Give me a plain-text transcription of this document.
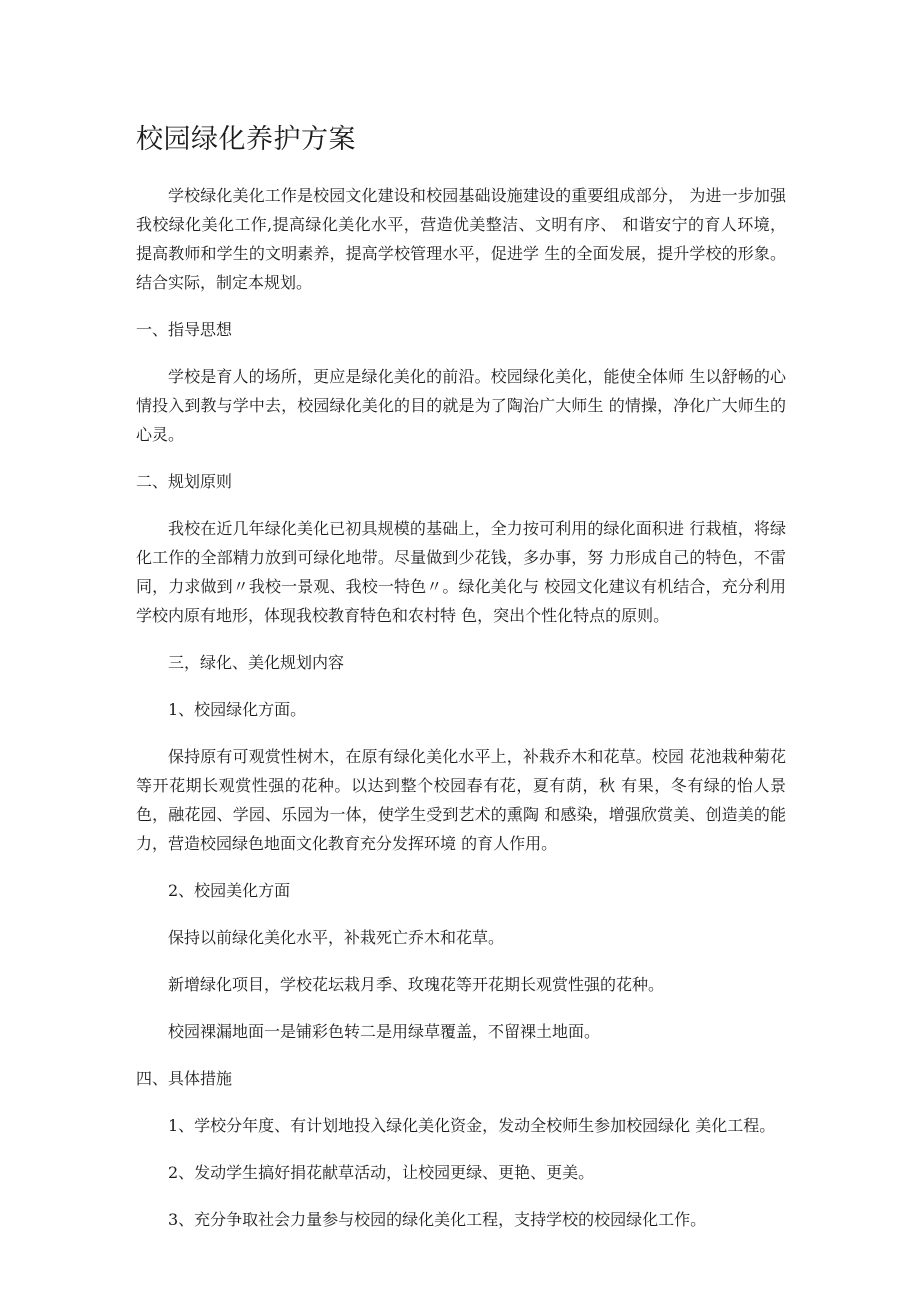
校园绿化养护方案

学校绿化美化工作是校园文化建设和校园基础设施建设的重要组成部分， 为进一步加强我校绿化美化工作,提高绿化美化水平，营造优美整洁、文明有序、 和谐安宁的育人环境，提高教师和学生的文明素养，提高学校管理水平，促进学 生的全面发展，提升学校的形象。结合实际，制定本规划。

一、指导思想

学校是育人的场所，更应是绿化美化的前沿。校园绿化美化，能使全体师 生以舒畅的心情投入到教与学中去，校园绿化美化的目的就是为了陶治广大师生 的情操，净化广大师生的心灵。

二、规划原则

我校在近几年绿化美化已初具规模的基础上，全力按可利用的绿化面积进 行栽植，将绿化工作的全部精力放到可绿化地带。尽量做到少花钱，多办事，努 力形成自己的特色，不雷同，力求做到〃我校一景观、我校一特色〃。绿化美化与 校园文化建议有机结合，充分利用学校内原有地形，体现我校教育特色和农村特 色，突出个性化特点的原则。

三，绿化、美化规划内容

1、校园绿化方面。

保持原有可观赏性树木，在原有绿化美化水平上，补栽乔木和花草。校园 花池栽种菊花等开花期长观赏性强的花种。以达到整个校园春有花，夏有荫，秋 有果，冬有绿的怡人景色，融花园、学园、乐园为一体，使学生受到艺术的熏陶 和感染，增强欣赏美、创造美的能力，营造校园绿色地面文化教育充分发挥环境 的育人作用。

2、校园美化方面

保持以前绿化美化水平，补栽死亡乔木和花草。

新增绿化项目，学校花坛栽月季、玫瑰花等开花期长观赏性强的花种。

校园裸漏地面一是铺彩色转二是用绿草覆盖，不留裸土地面。

四、具体措施

1、学校分年度、有计划地投入绿化美化资金，发动全校师生参加校园绿化 美化工程。

2、发动学生搞好捐花献草活动，让校园更绿、更艳、更美。

3、充分争取社会力量参与校园的绿化美化工程，支持学校的校园绿化工作。
